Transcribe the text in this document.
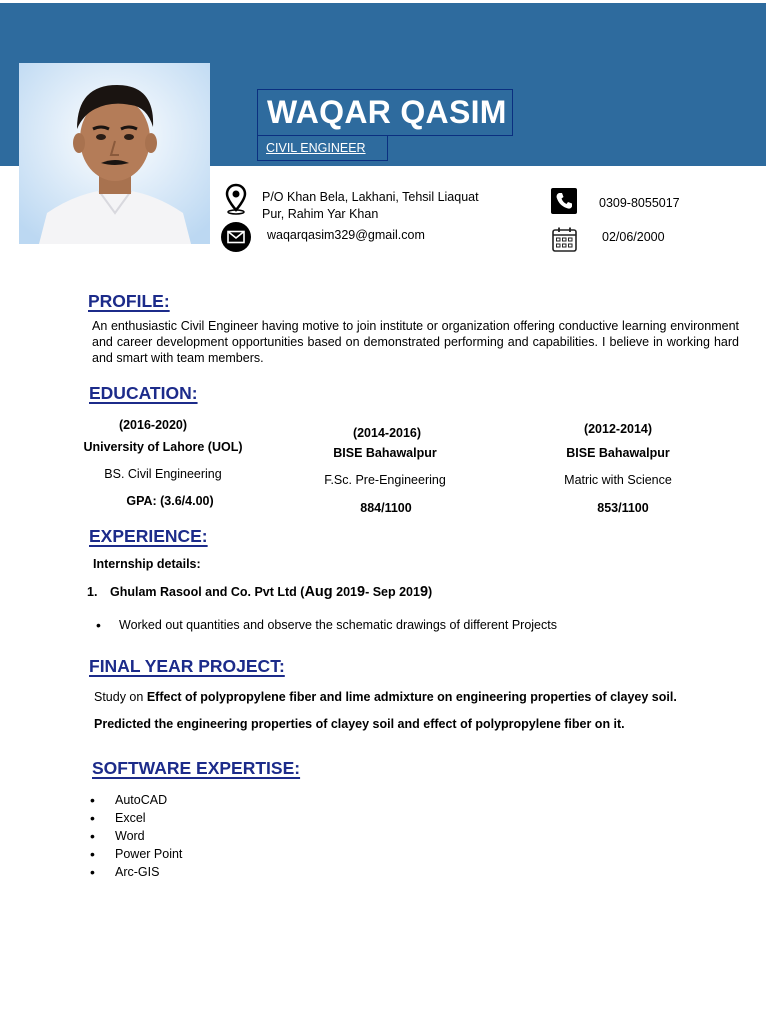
WAQAR QASIM
CIVIL ENGINEER
P/O Khan Bela, Lakhani, Tehsil Liaquat
Pur, Rahim Yar Khan
waqarqasim329@gmail.com
0309-8055017
02/06/2000
PROFILE:
An enthusiastic Civil Engineer having motive to join institute or organization offering conductive learning environment and career development opportunities based on demonstrated performing and capabilities. I believe in working hard and smart with team members.
EDUCATION:
(2016-2020)
University of Lahore (UOL)
BS. Civil Engineering
GPA: (3.6/4.00)
(2014-2016)
BISE Bahawalpur
F.Sc. Pre-Engineering
884/1100
(2012-2014)
BISE Bahawalpur
Matric with Science
853/1100
EXPERIENCE:
Internship details:
1. Ghulam Rasool and Co. Pvt Ltd (Aug 2019- Sep 2019)
• Worked out quantities and observe the schematic drawings of different Projects
FINAL YEAR PROJECT:
Study on Effect of polypropylene fiber and lime admixture on engineering properties of clayey soil.
Predicted the engineering properties of clayey soil and effect of polypropylene fiber on it.
SOFTWARE EXPERTISE:
• AutoCAD
• Excel
• Word
• Power Point
• Arc-GIS
